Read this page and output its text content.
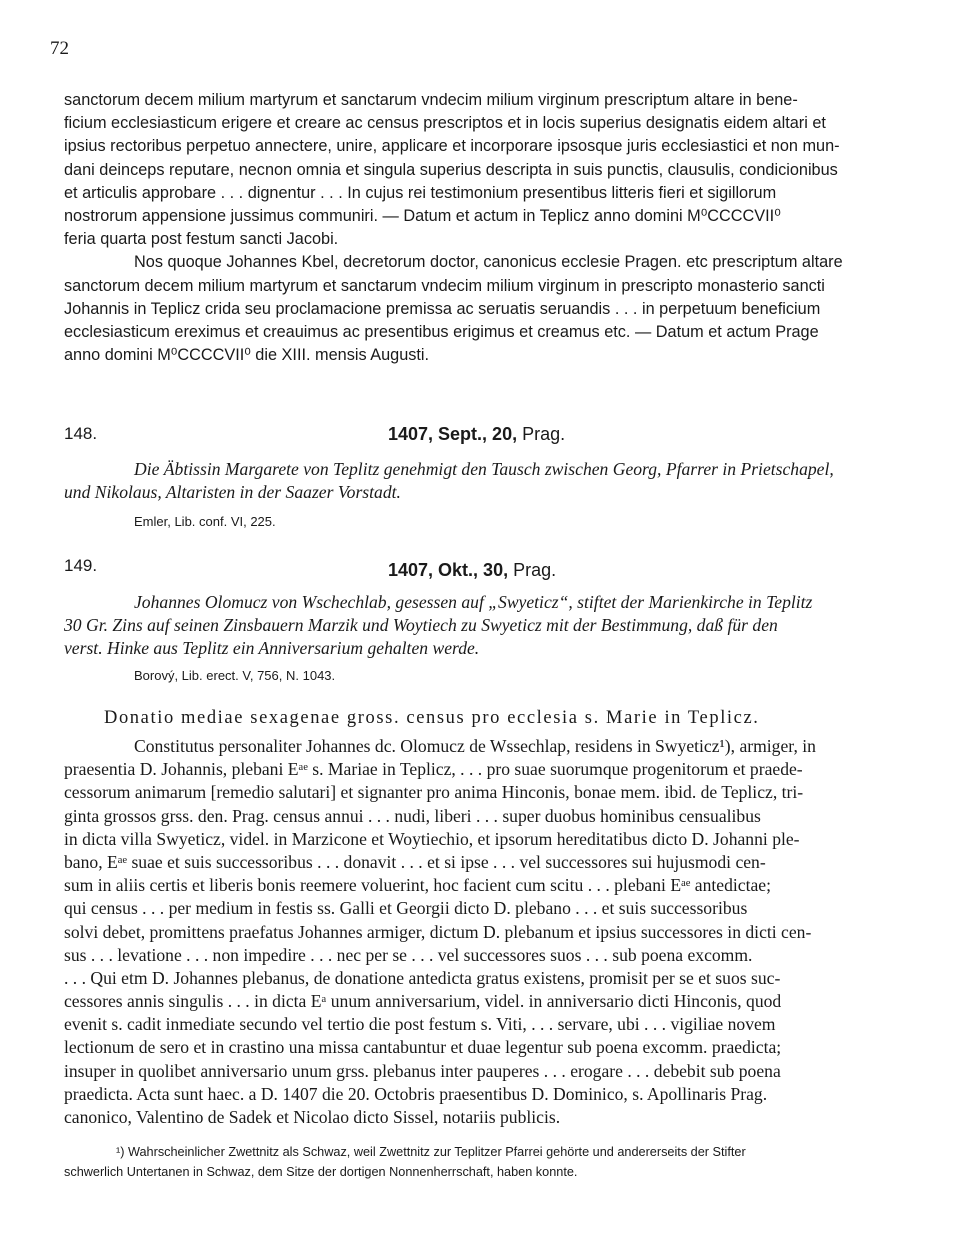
72
sanctorum decem milium martyrum et sanctarum vndecim milium virginum prescriptum altare in bene-
ficium ecclesiasticum erigere et creare ac census prescriptos et in locis superius designatis eidem altari et
ipsius rectoribus perpetuo annectere, unire, applicare et incorporare ipsosque juris ecclesiastici et non mun-
dani deinceps reputare, necnon omnia et singula superius descripta in suis punctis, clausulis, condicionibus
et articulis approbare . . . dignentur . . . In cujus rei testimonium presentibus litteris fieri et sigillorum
nostrorum appensione jussimus communiri. — Datum et actum in Teplicz anno domini M⁰CCCCVII⁰
feria quarta post festum sancti Jacobi.
Nos quoque Johannes Kbel, decretorum doctor, canonicus ecclesie Pragen. etc prescriptum altare
sanctorum decem milium martyrum et sanctarum vndecim milium virginum in prescripto monasterio sancti
Johannis in Teplicz crida seu proclamacione premissa ac seruatis seruandis . . . in perpetuum beneficium
ecclesiasticum ereximus et creauimus ac presentibus erigimus et creamus etc. — Datum et actum Prage
anno domini M⁰CCCCVII⁰ die XIII. mensis Augusti.
148.	1407, Sept., 20, Prag.
Die Äbtissin Margarete von Teplitz genehmigt den Tausch zwischen Georg, Pfarrer in Prietschapel,
und Nikolaus, Altaristen in der Saazer Vorstadt.
Emler, Lib. conf. VI, 225.
149.	1407, Okt., 30, Prag.
Johannes Olomucz von Wschechlab, gesessen auf „Swyeticz“, stiftet der Marienkirche in Teplitz
30 Gr. Zins auf seinen Zinsbauern Marzik und Woytiech zu Swyeticz mit der Bestimmung, daß für den
verst. Hinke aus Teplitz ein Anniversarium gehalten werde.
Borový, Lib. erect. V, 756, N. 1043.
Donatio mediae sexagenae gross. census pro ecclesia s. Marie in Teplicz.
Constitutus personaliter Johannes dc. Olomucz de Wssechlap, residens in Swyeticz¹), armiger, in
praesentia D. Johannis, plebani Eᵃᵉ s. Mariae in Teplicz, . . . pro suae suorumque progenitorum et praede-
cessorum animarum [remedio salutari] et signanter pro anima Hinconis, bonae mem. ibid. de Teplicz, tri-
ginta grossos grss. den. Prag. census annui . . . nudi, liberi . . . super duobus hominibus censualibus
in dicta villa Swyeticz, videl. in Marzicone et Woytiechio, et ipsorum hereditatibus dicto D. Johanni ple-
bano, Eᵃᵉ suae et suis successoribus . . . donavit . . . et si ipse . . . vel successores sui hujusmodi cen-
sum in aliis certis et liberis bonis reemere voluerint, hoc facient cum scitu . . . plebani Eᵃᵉ antedictae;
qui census . . . per medium in festis ss. Galli et Georgii dicto D. plebano . . . et suis successoribus
solvi debet, promittens praefatus Johannes armiger, dictum D. plebanum et ipsius successores in dicti cen-
sus . . . levatione . . . non impedire . . . nec per se . . . vel successores suos . . . sub poena excomm.
. . . Qui etm D. Johannes plebanus, de donatione antedicta gratus existens, promisit per se et suos suc-
cessores annis singulis . . . in dicta Eᵃ unum anniversarium, videl. in anniversario dicti Hinconis, quod
evenit s. cadit inmediate secundo vel tertio die post festum s. Viti, . . . servare, ubi . . . vigiliae novem
lectionum de sero et in crastino una missa cantabuntur et duae legentur sub poena excomm. praedicta;
insuper in quolibet anniversario unum grss. plebanus inter pauperes . . . erogare . . . debebit sub poena
praedicta. Acta sunt haec. a D. 1407 die 20. Octobris praesentibus D. Dominico, s. Apollinaris Prag.
canonico, Valentino de Sadek et Nicolao dicto Sissel, notariis publicis.
¹) Wahrscheinlicher Zwettnitz als Schwaz, weil Zwettnitz zur Teplitzer Pfarrei gehörte und andererseits der Stifter
schwerlich Untertanen in Schwaz, dem Sitze der dortigen Nonnenherrschaft, haben konnte.
